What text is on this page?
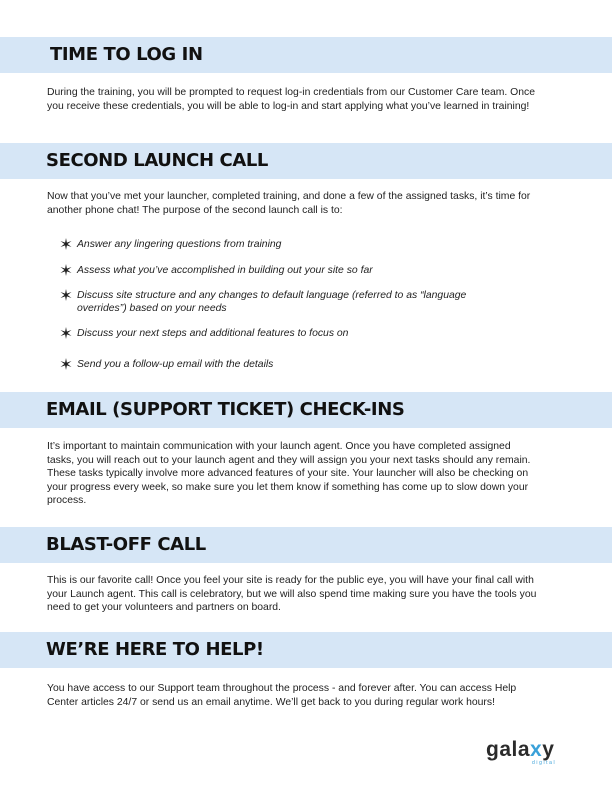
TIME TO LOG IN

During the training, you will be prompted to request log-in credentials from our Customer Care team. Once you receive these credentials, you will be able to log-in and start applying what you’ve learned in training!

SECOND LAUNCH CALL

Now that you’ve met your launcher, completed training, and done a few of the assigned tasks, it’s time for another phone chat! The purpose of the second launch call is to:

Answer any lingering questions from training
Assess what you’ve accomplished in building out your site so far
Discuss site structure and any changes to default language (referred to as “language overrides”) based on your needs
Discuss your next steps and additional features to focus on
Send you a follow-up email with the details
EMAIL (SUPPORT TICKET) CHECK-INS

It’s important to maintain communication with your launch agent. Once you have completed assigned tasks, you will reach out to your launch agent and they will assign you your next tasks should any remain. These tasks typically involve more advanced features of your site. Your launcher will also be checking on your progress every week, so make sure you let them know if something has come up to slow down your process.

BLAST-OFF CALL

This is our favorite call! Once you feel your site is ready for the public eye, you will have your final call with your Launch agent. This call is celebratory, but we will also spend time making sure you have the tools you need to get your volunteers and partners on board.

WE’RE HERE TO HELP!

You have access to our Support team throughout the process - and forever after. You can access Help Center articles 24/7 or send us an email anytime. We’ll get back to you during regular work hours!

galaxy
digital
